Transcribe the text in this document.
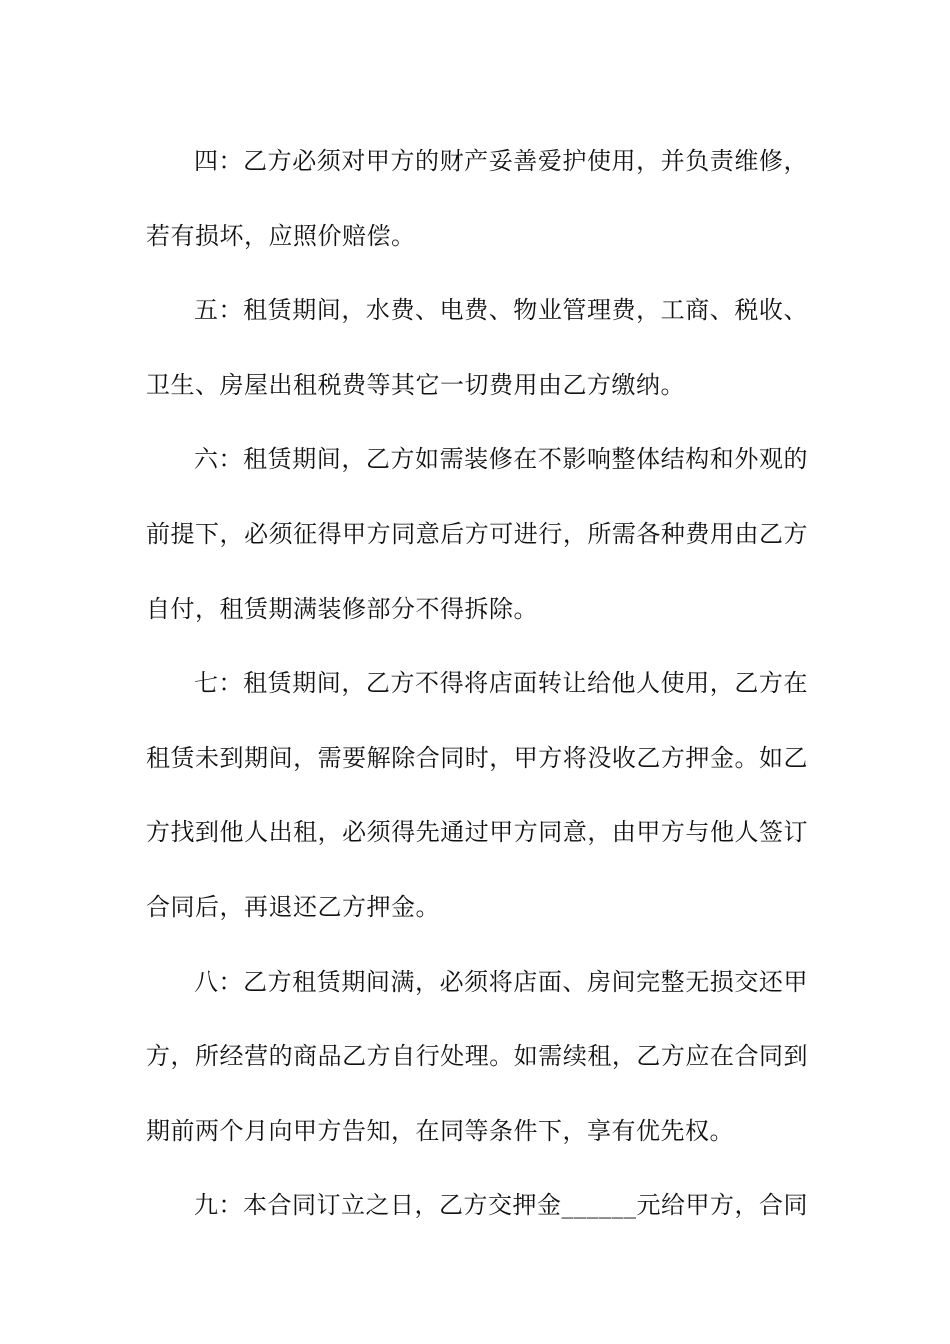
四：乙方必须对甲方的财产妥善爱护使用，并负责维修，若有损坏，应照价赔偿。

五：租赁期间，水费、电费、物业管理费，工商、税收、卫生、房屋出租税费等其它一切费用由乙方缴纳。

六：租赁期间，乙方如需装修在不影响整体结构和外观的前提下，必须征得甲方同意后方可进行，所需各种费用由乙方自付，租赁期满装修部分不得拆除。

七：租赁期间，乙方不得将店面转让给他人使用，乙方在租赁未到期间，需要解除合同时，甲方将没收乙方押金。如乙方找到他人出租，必须得先通过甲方同意，由甲方与他人签订合同后，再退还乙方押金。

八：乙方租赁期间满，必须将店面、房间完整无损交还甲方，所经营的商品乙方自行处理。如需续租，乙方应在合同到期前两个月向甲方告知，在同等条件下，享有优先权。

九：本合同订立之日，乙方交押金______元给甲方，合同
